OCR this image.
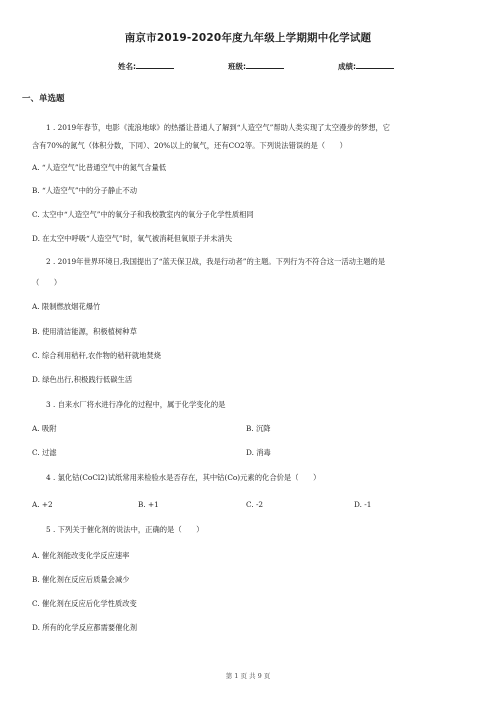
南京市2019-2020年度九年级上学期期中化学试题
姓名:	班级:	成绩:
一、单选题
1 . 2019年春节，电影《流浪地球》的热播让普通人了解到“人造空气”帮助人类实现了太空漫步的梦想，它
含有70%的氮气（体积分数，下同）、20%以上的氧气，还有CO2等。下列说法错误的是（　　）
A. “人造空气”比普通空气中的氮气含量低
B. “人造空气”中的分子静止不动
C. 太空中“人造空气”中的氧分子和我校教室内的氧分子化学性质相同
D. 在太空中呼吸“人造空气”时，氧气被消耗但氧原子并未消失
2 . 2019年世界环境日,我国提出了“蓝天保卫战，我是行动者”的主题。下列行为不符合这一活动主题的是
（　　）
A. 限制燃放烟花爆竹
B. 使用清洁能源，积极植树种草
C. 综合利用秸秆,农作物的秸秆就地焚烧
D. 绿色出行,积极践行低碳生活
3 . 自来水厂将水进行净化的过程中，属于化学变化的是
A. 吸附	B. 沉降
C. 过滤	D. 消毒
4 . 氯化钴(CoCl2)试纸常用来检验水是否存在，其中钴(Co)元素的化合价是（　　）
A. +2	B. +1	C. -2	D. -1
5 . 下列关于催化剂的说法中，正确的是（　　）
A. 催化剂能改变化学反应速率
B. 催化剂在反应后质量会减少
C. 催化剂在反应后化学性质改变
D. 所有的化学反应都需要催化剂
第 1 页 共 9 页
